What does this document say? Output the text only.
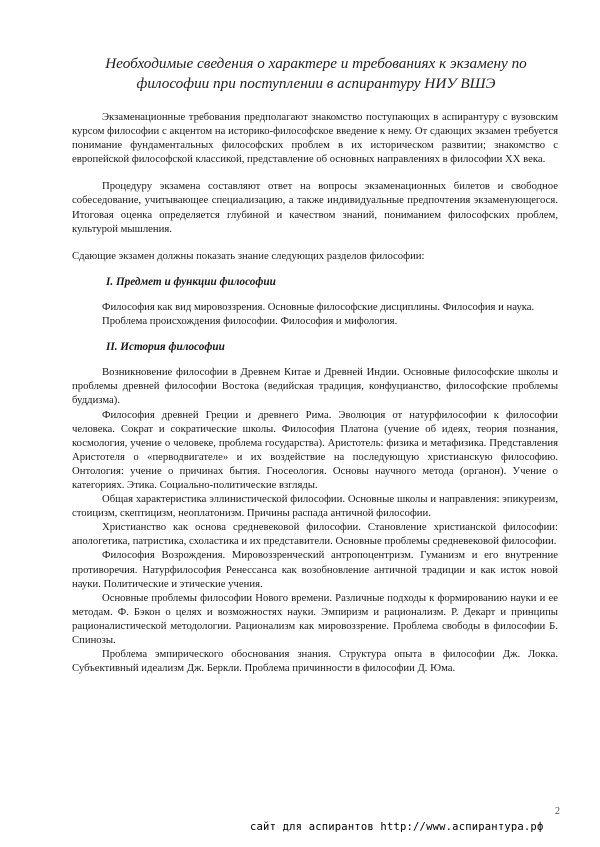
Необходимые сведения о характере и требованиях к экзамену по философии при поступлении в аспирантуру НИУ ВШЭ

Экзаменационные требования предполагают знакомство поступающих в аспирантуру с вузовским курсом философии с акцентом на историко-философское введение к нему. От сдающих экзамен требуется понимание фундаментальных философских проблем в их историческом развитии; знакомство с европейской философской классикой, представление об основных направлениях в философии XX века.

Процедуру экзамена составляют ответ на вопросы экзаменационных билетов и свободное собеседование, учитывающее специализацию, а также индивидуальные предпочтения экзаменующегося. Итоговая оценка определяется глубиной и качеством знаний, пониманием философских проблем, культурой мышления.

Сдающие экзамен должны показать знание следующих разделов философии:

I. Предмет и функции философии

Философия как вид мировоззрения. Основные философские дисциплины. Философия и наука.

Проблема происхождения философии. Философия и мифология.

II. История философии

Возникновение философии в Древнем Китае и Древней Индии. Основные философские школы и проблемы древней философии Востока (ведийская традиция, конфуцианство, философские проблемы буддизма).

Философия древней Греции и древнего Рима. Эволюция от натурфилософии к философии человека. Сократ и сократические школы. Философия Платона (учение об идеях, теория познания, космология, учение о человеке, проблема государства). Аристотель: физика и метафизика. Представления Аристотеля о «перводвигателе» и их воздействие на последующую христианскую философию. Онтология: учение о причинах бытия. Гносеология. Основы научного метода (органон). Учение о категориях. Этика. Социально-политические взгляды.

Общая характеристика эллинистической философии. Основные школы и направления: эпикуреизм, стоицизм, скептицизм, неоплатонизм. Причины распада античной философии.

Христианство как основа средневековой философии. Становление христианской философии: апологетика, патристика, схоластика и их представители. Основные проблемы средневековой философии.

Философия Возрождения. Мировоззренческий антропоцентризм. Гуманизм и его внутренние противоречия. Натурфилософия Ренессанса как возобновление античной традиции и как исток новой науки. Политические и этические учения.

Основные проблемы философии Нового времени. Различные подходы к формированию науки и ее методам. Ф. Бэкон о целях и возможностях науки. Эмпиризм и рационализм. Р. Декарт и принципы рационалистической методологии. Рационализм как мировоззрение. Проблема свободы в философии Б. Спинозы.

Проблема эмпирического обоснования знания. Структура опыта в философии Дж. Локка. Субъективный идеализм Дж. Беркли. Проблема причинности в философии Д. Юма.

2
сайт для аспирантов http://www.аспирантура.рф
